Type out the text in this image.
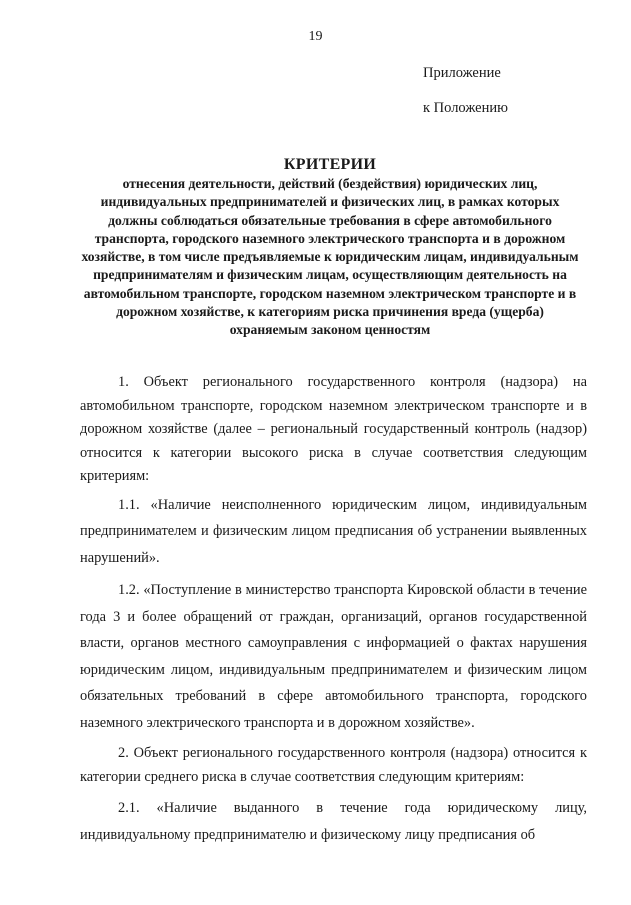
19
Приложение
к Положению
КРИТЕРИИ
отнесения деятельности, действий (бездействия) юридических лиц, индивидуальных предпринимателей и физических лиц, в рамках которых должны соблюдаться обязательные требования в сфере автомобильного транспорта, городского наземного электрического транспорта и в дорожном хозяйстве, в том числе предъявляемые к юридическим лицам, индивидуальным предпринимателям и физическим лицам, осуществляющим деятельность на автомобильном транспорте, городском наземном электрическом транспорте и в дорожном хозяйстве, к категориям риска причинения вреда (ущерба) охраняемым законом ценностям

1. Объект регионального государственного контроля (надзора) на автомобильном транспорте, городском наземном электрическом транспорте и в дорожном хозяйстве (далее – региональный государственный контроль (надзор) относится к категории высокого риска в случае соответствия следующим критериям:

1.1. «Наличие неисполненного юридическим лицом, индивидуальным предпринимателем и физическим лицом предписания об устранении выявленных нарушений».

1.2. «Поступление в министерство транспорта Кировской области в течение года 3 и более обращений от граждан, организаций, органов государственной власти, органов местного самоуправления с информацией о фактах нарушения юридическим лицом, индивидуальным предпринимателем и физическим лицом обязательных требований в сфере автомобильного транспорта, городского наземного электрического транспорта и в дорожном хозяйстве».

2. Объект регионального государственного контроля (надзора) относится к категории среднего риска в случае соответствия следующим критериям:

2.1. «Наличие выданного в течение года юридическому лицу, индивидуальному предпринимателю и физическому лицу предписания об
